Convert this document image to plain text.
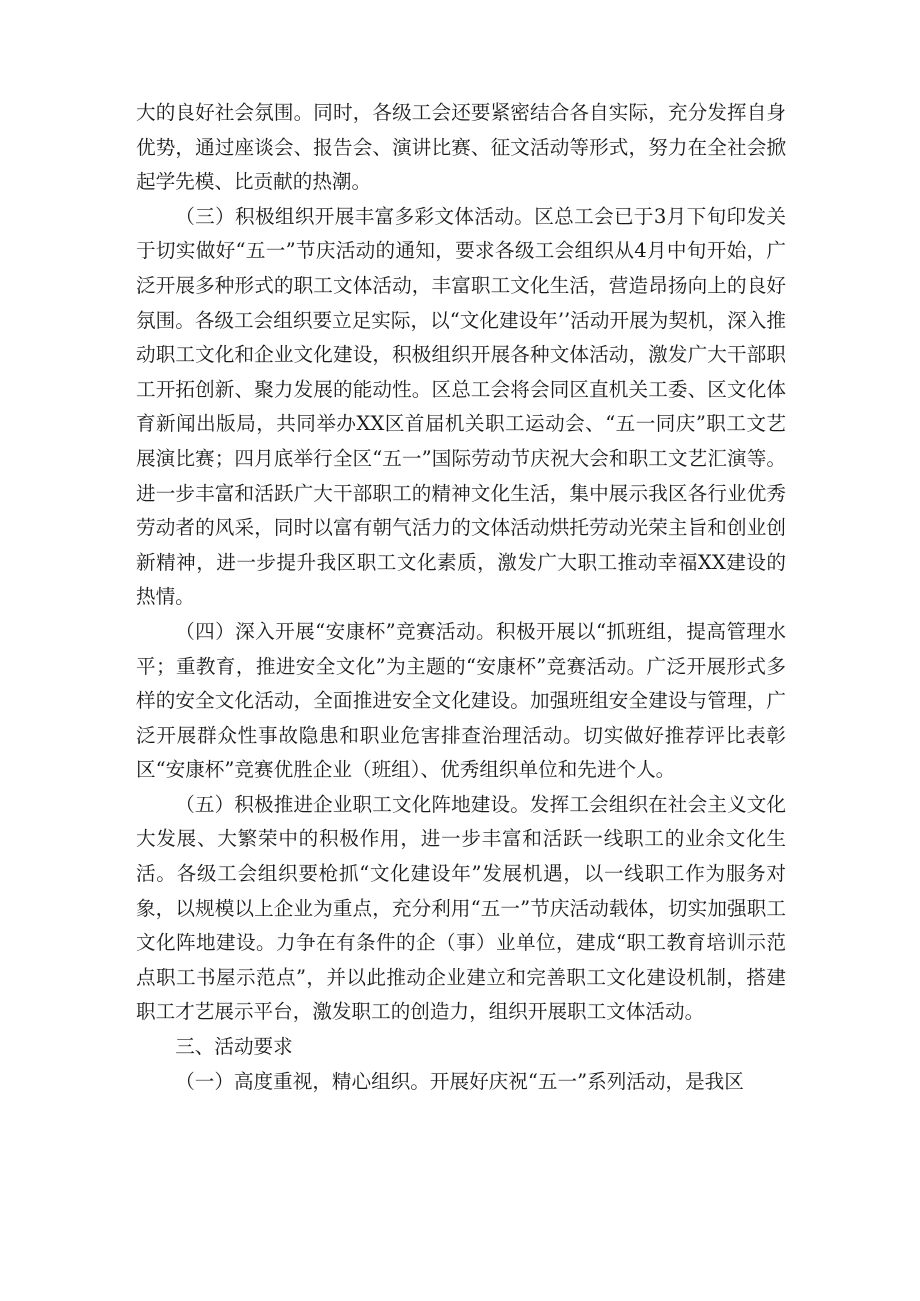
大的良好社会氛围。同时，各级工会还要紧密结合各自实际，充分发挥自身优势，通过座谈会、报告会、演讲比赛、征文活动等形式，努力在全社会掀起学先模、比贡献的热潮。

（三）积极组织开展丰富多彩文体活动。区总工会已于3月下旬印发关于切实做好“五一”节庆活动的通知，要求各级工会组织从4月中旬开始，广泛开展多种形式的职工文体活动，丰富职工文化生活，营造昂扬向上的良好氛围。各级工会组织要立足实际，以“文化建设年’’活动开展为契机，深入推动职工文化和企业文化建设，积极组织开展各种文体活动，激发广大干部职工开拓创新、聚力发展的能动性。区总工会将会同区直机关工委、区文化体育新闻出版局，共同举办XX区首届机关职工运动会、“五一同庆”职工文艺展演比赛；四月底举行全区“五一”国际劳动节庆祝大会和职工文艺汇演等。进一步丰富和活跃广大干部职工的精神文化生活，集中展示我区各行业优秀劳动者的风采，同时以富有朝气活力的文体活动烘托劳动光荣主旨和创业创新精神，进一步提升我区职工文化素质，激发广大职工推动幸福XX建设的热情。

（四）深入开展“安康杯”竞赛活动。积极开展以“抓班组，提高管理水平；重教育，推进安全文化”为主题的“安康杯”竞赛活动。广泛开展形式多样的安全文化活动，全面推进安全文化建设。加强班组安全建设与管理，广泛开展群众性事故隐患和职业危害排查治理活动。切实做好推荐评比表彰区“安康杯”竞赛优胜企业（班组）、优秀组织单位和先进个人。

（五）积极推进企业职工文化阵地建设。发挥工会组织在社会主义文化大发展、大繁荣中的积极作用，进一步丰富和活跃一线职工的业余文化生活。各级工会组织要枪抓“文化建设年”发展机遇，以一线职工作为服务对象，以规模以上企业为重点，充分利用“五一”节庆活动载体，切实加强职工文化阵地建设。力争在有条件的企（事）业单位，建成“职工教育培训示范点职工书屋示范点”，并以此推动企业建立和完善职工文化建设机制，搭建职工才艺展示平台，激发职工的创造力，组织开展职工文体活动。

三、活动要求

（一）高度重视，精心组织。开展好庆祝“五一”系列活动，是我区
